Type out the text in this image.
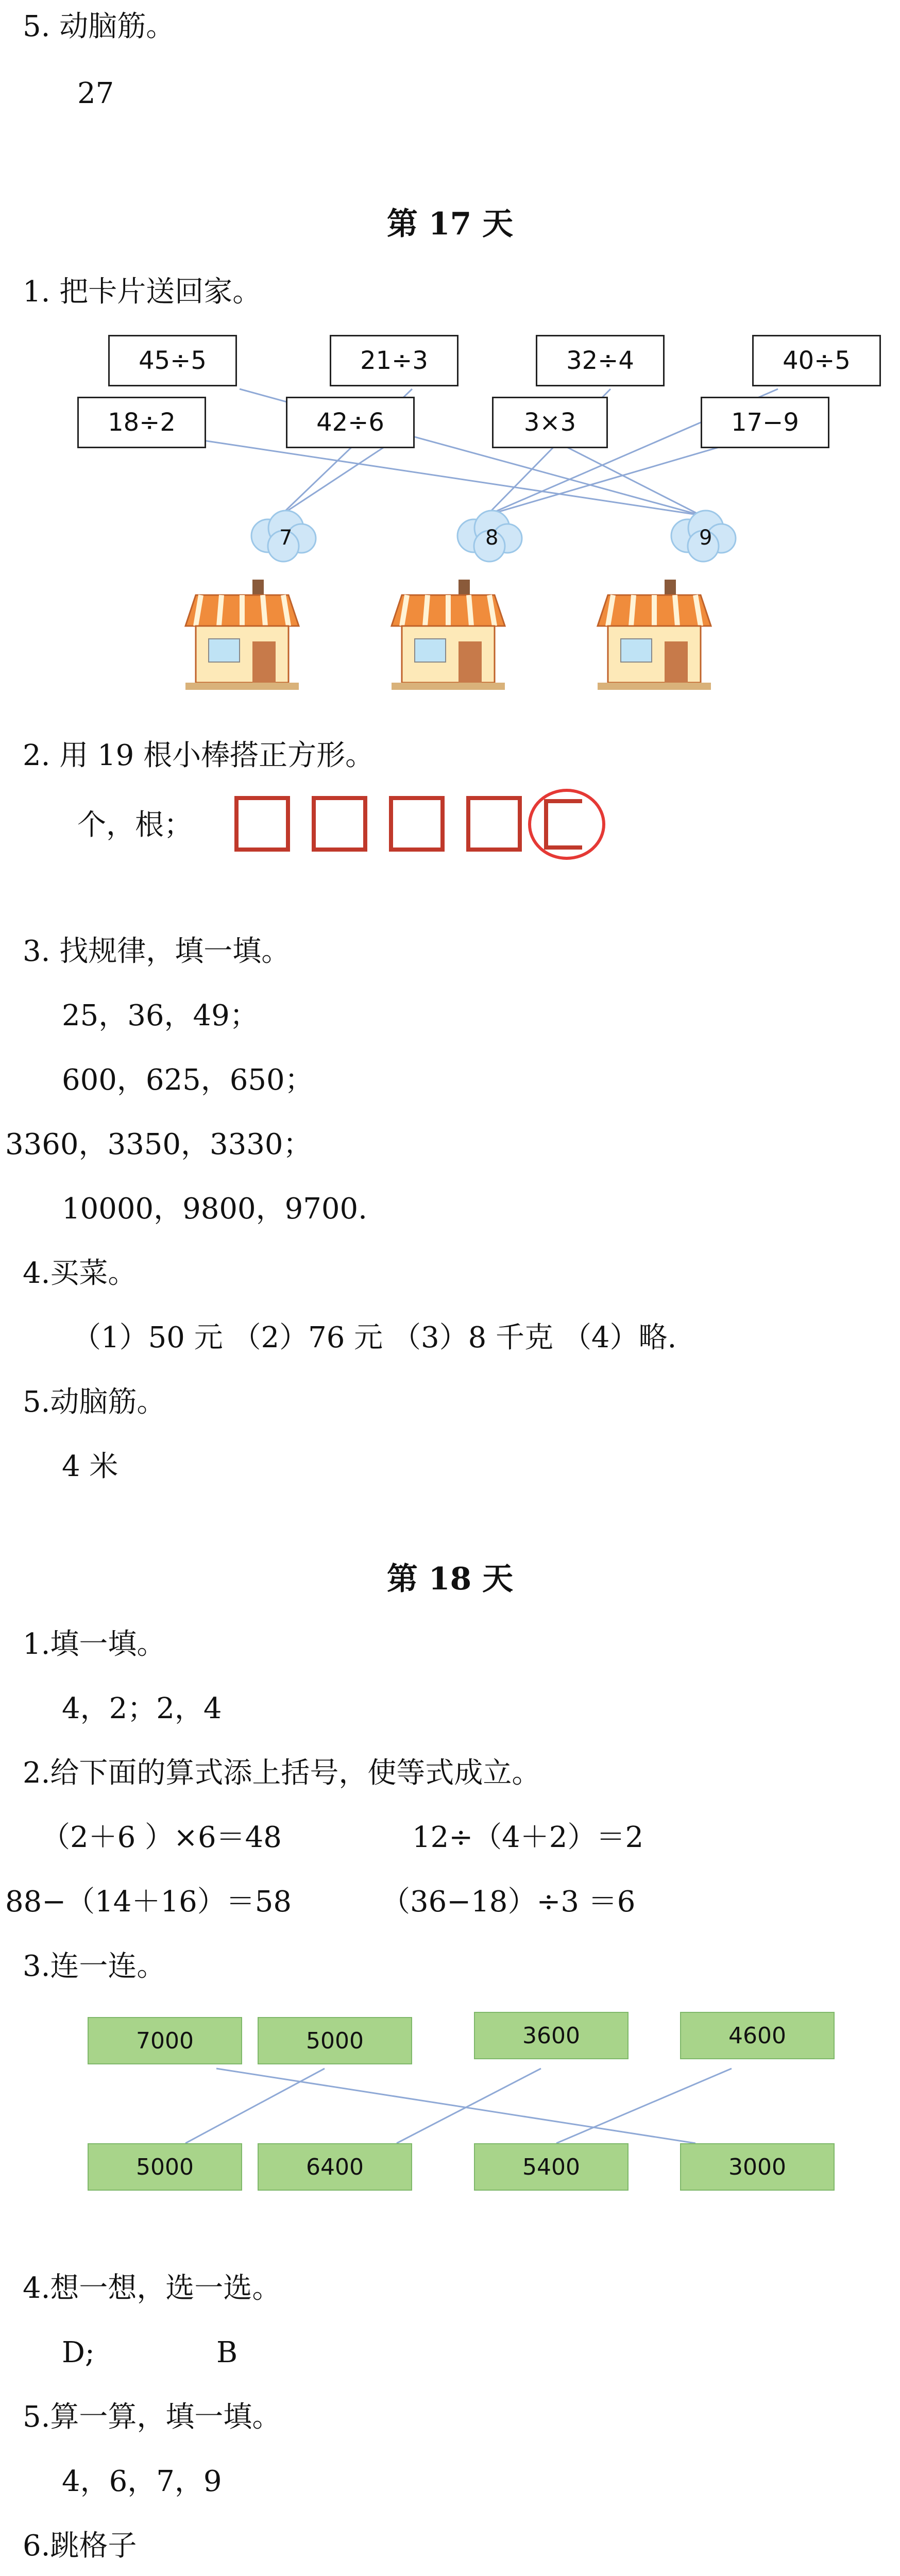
5. 动脑筋。
27
第 17 天
1. 把卡片送回家。
45÷5	21÷3	32÷4	40÷5
18÷2	42÷6	3×3	17−9
7	8	9
2. 用 19 根小棒搭正方形。
个，根；
3. 找规律，填一填。
25，36，49；
600，625，650；
3360，3350，3330；
10000，9800，9700.
4.买菜。
（1）50 元 （2）76 元 （3）8 千克 （4）略.
5.动脑筋。
4 米
第 18 天
1.填一填。
4，2；2，4
2.给下面的算式添上括号，使等式成立。
（2＋6 ）×6＝48	12÷（4＋2）＝2
88−（14＋16）＝58	（36−18）÷3 ＝6
3.连一连。
7000	5000	3600	4600
5000	6400	5400	3000
4.想一想，选一选。
D;	B
5.算一算，填一填。
4，6，7，9
6.跳格子
